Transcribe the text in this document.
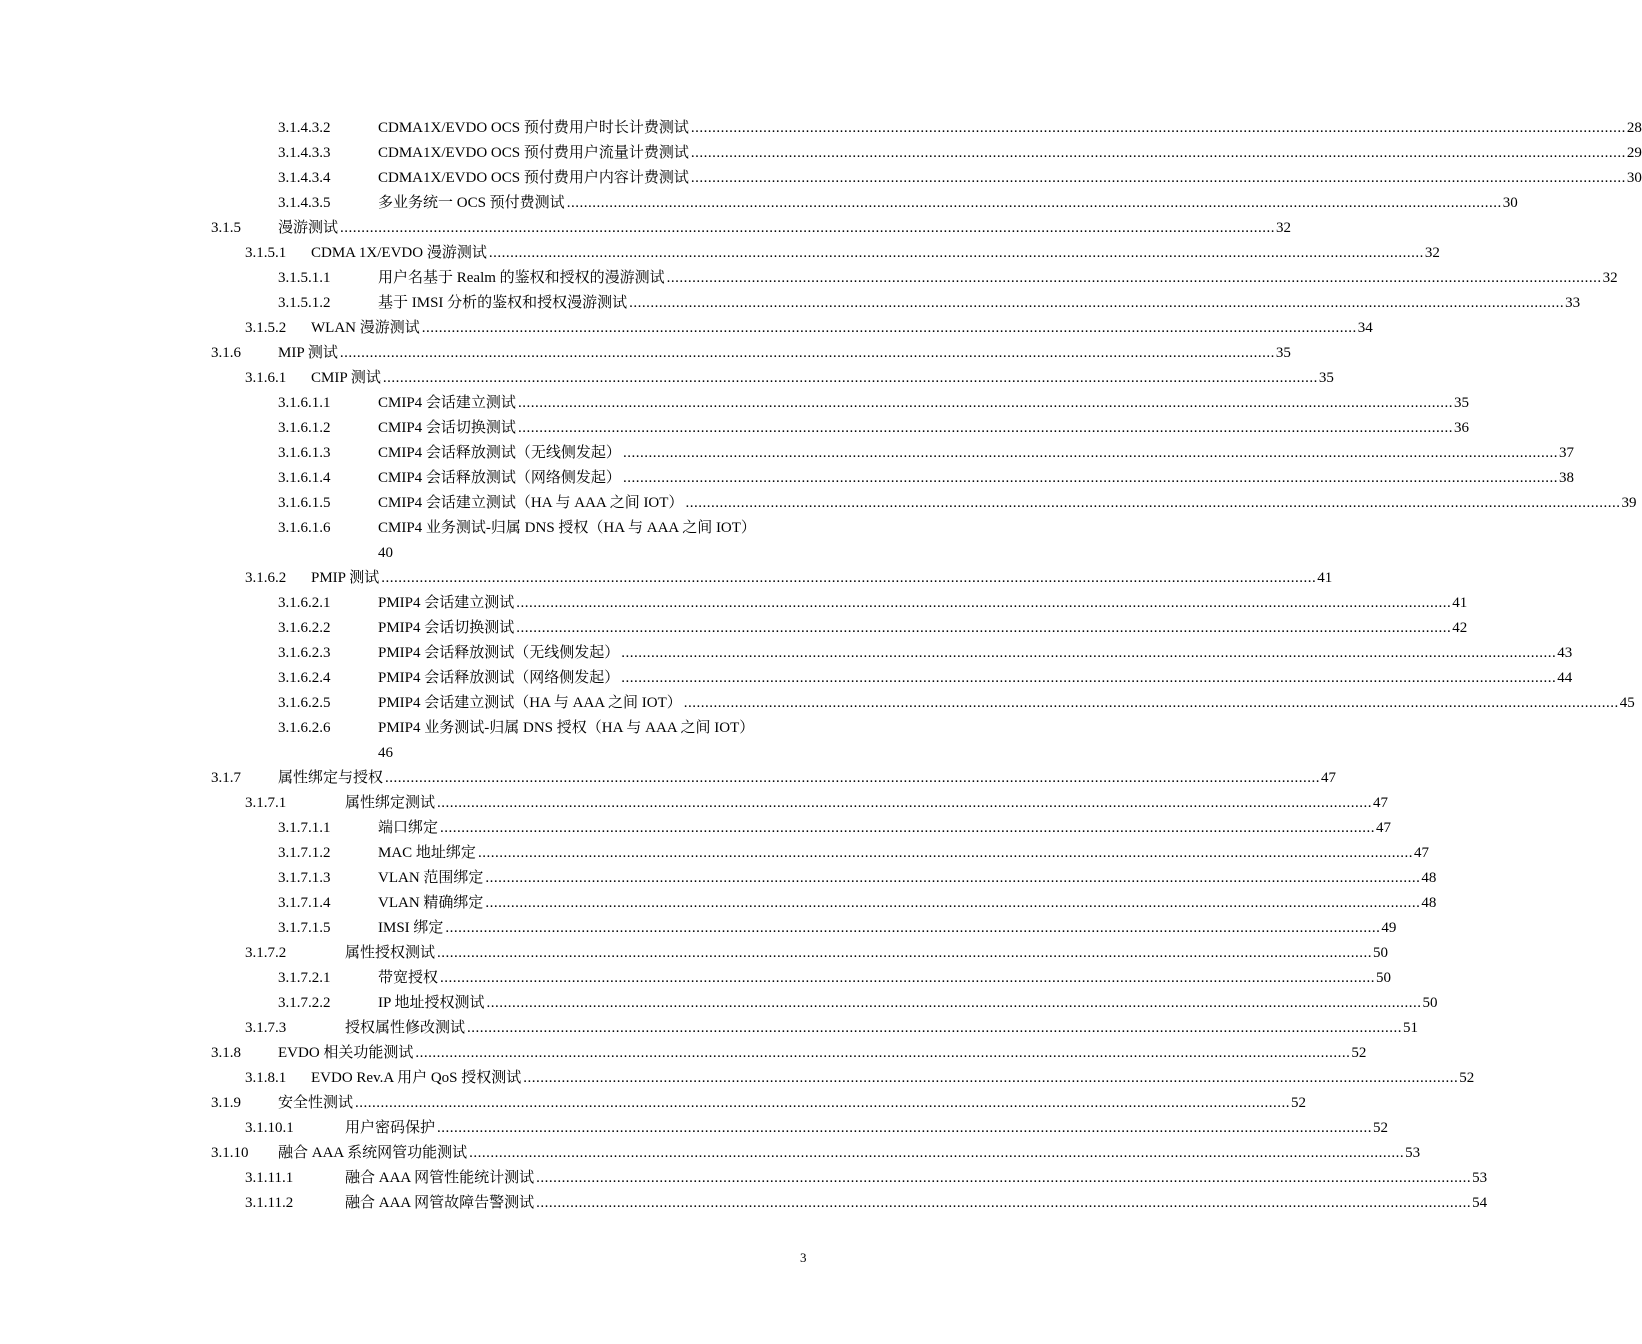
3.1.4.3.2	CDMA1X/EVDO OCS 预付费用户时长计费测试 ............................................................................................................................................................................................................................ 28
3.1.4.3.3	CDMA1X/EVDO OCS 预付费用户流量计费测试 ............................................................................................................................................................................................................................ 29
3.1.4.3.4	CDMA1X/EVDO OCS 预付费用户内容计费测试 ............................................................................................................................................................................................................................ 30
3.1.4.3.5	多业务统一 OCS 预付费测试 ............................................................................................................................................................................................................................ 30
3.1.5 漫游测试 ............................................................................................................................................................................................................................ 32
3.1.5.1 CDMA 1X/EVDO 漫游测试 ............................................................................................................................................................................................................................ 32
3.1.5.1.1	用户名基于 Realm 的鉴权和授权的漫游测试 ............................................................................................................................................................................................................................ 32
3.1.5.1.2	基于 IMSI 分析的鉴权和授权漫游测试 ............................................................................................................................................................................................................................ 33
3.1.5.2 WLAN 漫游测试 ............................................................................................................................................................................................................................ 34
3.1.6 MIP 测试 ............................................................................................................................................................................................................................ 35
3.1.6.1 CMIP 测试 ............................................................................................................................................................................................................................ 35
3.1.6.1.1	CMIP4 会话建立测试 ............................................................................................................................................................................................................................ 35
3.1.6.1.2	CMIP4 会话切换测试 ............................................................................................................................................................................................................................ 36
3.1.6.1.3	CMIP4 会话释放测试（无线侧发起） ............................................................................................................................................................................................................................ 37
3.1.6.1.4	CMIP4 会话释放测试（网络侧发起） ............................................................................................................................................................................................................................ 38
3.1.6.1.5	CMIP4 会话建立测试（HA 与 AAA 之间 IOT） ............................................................................................................................................................................................................................ 39
3.1.6.1.6	CMIP4 业务测试-归属 DNS 授权（HA 与 AAA 之间 IOT）
40
3.1.6.2 PMIP 测试 ............................................................................................................................................................................................................................ 41
3.1.6.2.1	PMIP4 会话建立测试 ............................................................................................................................................................................................................................ 41
3.1.6.2.2	PMIP4 会话切换测试 ............................................................................................................................................................................................................................ 42
3.1.6.2.3	PMIP4 会话释放测试（无线侧发起） ............................................................................................................................................................................................................................ 43
3.1.6.2.4	PMIP4 会话释放测试（网络侧发起） ............................................................................................................................................................................................................................ 44
3.1.6.2.5	PMIP4 会话建立测试（HA 与 AAA 之间 IOT） ............................................................................................................................................................................................................................ 45
3.1.6.2.6	PMIP4 业务测试-归属 DNS 授权（HA 与 AAA 之间 IOT）
46
3.1.7 属性绑定与授权 ............................................................................................................................................................................................................................ 47
3.1.7.1	属性绑定测试 ............................................................................................................................................................................................................................ 47
3.1.7.1.1	端口绑定 ............................................................................................................................................................................................................................ 47
3.1.7.1.2	MAC 地址绑定 ............................................................................................................................................................................................................................ 47
3.1.7.1.3	VLAN 范围绑定 ............................................................................................................................................................................................................................ 48
3.1.7.1.4	VLAN 精确绑定 ............................................................................................................................................................................................................................ 48
3.1.7.1.5	IMSI 绑定 ............................................................................................................................................................................................................................ 49
3.1.7.2	属性授权测试 ............................................................................................................................................................................................................................ 50
3.1.7.2.1	带宽授权 ............................................................................................................................................................................................................................ 50
3.1.7.2.2	IP 地址授权测试 ............................................................................................................................................................................................................................ 50
3.1.7.3	授权属性修改测试 ............................................................................................................................................................................................................................ 51
3.1.8 EVDO 相关功能测试 ............................................................................................................................................................................................................................ 52
3.1.8.1 EVDO Rev.A 用户 QoS 授权测试 ............................................................................................................................................................................................................................ 52
3.1.9 安全性测试 ............................................................................................................................................................................................................................ 52
3.1.10.1	用户密码保护 ............................................................................................................................................................................................................................ 52
3.1.10 融合 AAA 系统网管功能测试 ............................................................................................................................................................................................................................ 53
3.1.11.1	融合 AAA 网管性能统计测试 ............................................................................................................................................................................................................................ 53
3.1.11.2	融合 AAA 网管故障告警测试 ............................................................................................................................................................................................................................ 54
3
